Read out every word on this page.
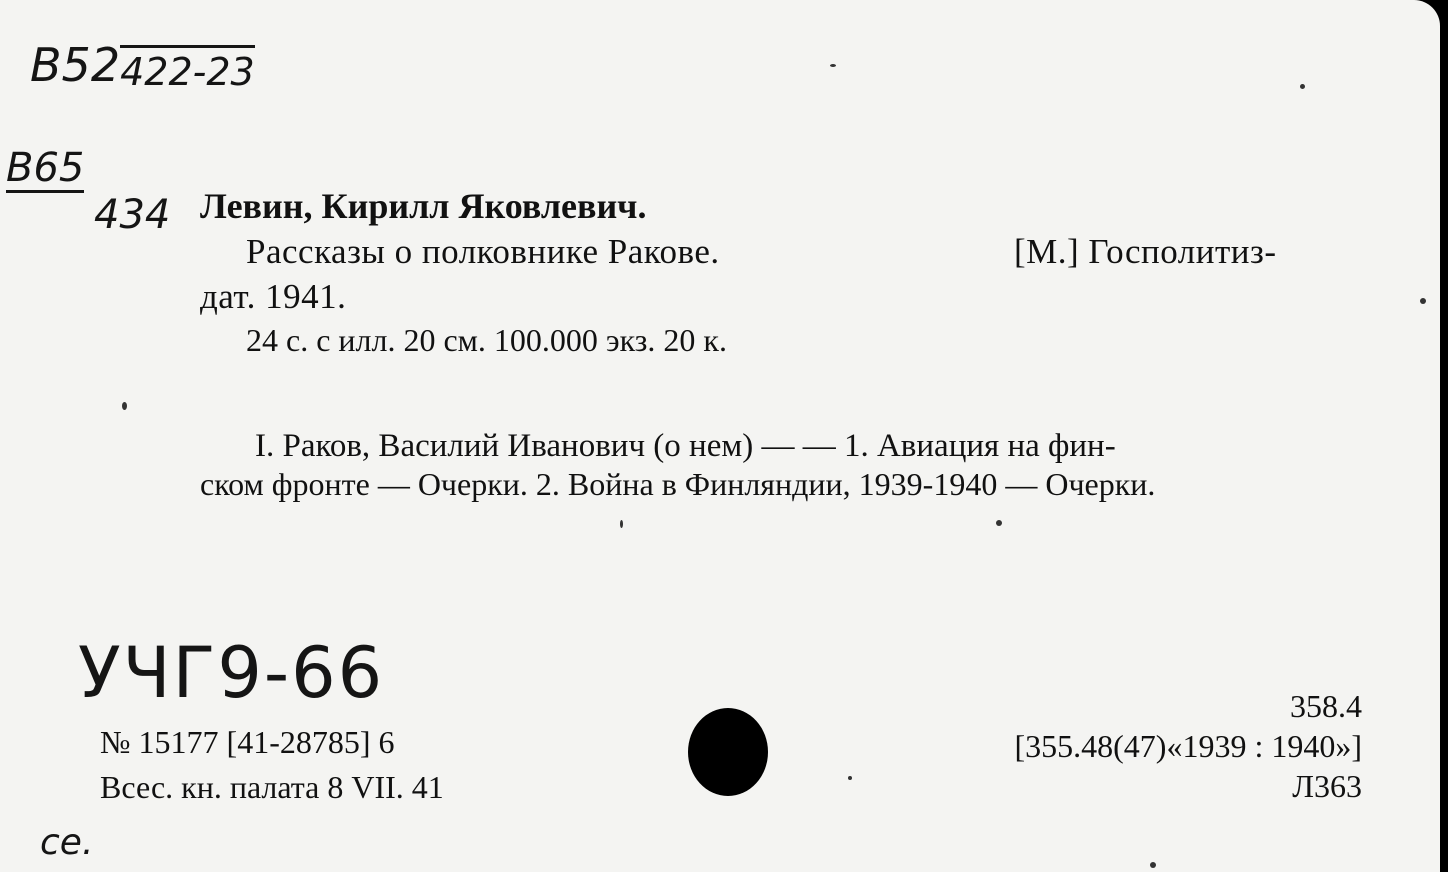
B52422-23
B65
434 Левин, Кирилл Яковлевич.
Рассказы о полковнике Ракове.	[М.] Госполитиз-
дат. 1941.
24 с. с илл. 20 см. 100.000 экз. 20 к.
I. Раков, Василий Иванович (о нем) — — 1. Авиация на фин-
ском фронте — Очерки. 2. Война в Финляндии, 1939-1940 — Очерки.
УЧГ9-66
№ 15177 [41-28785] 6
Всес. кн. палата 8 VII. 41
358.4
[355.48(47)«1939 : 1940»]
Л363
се.
